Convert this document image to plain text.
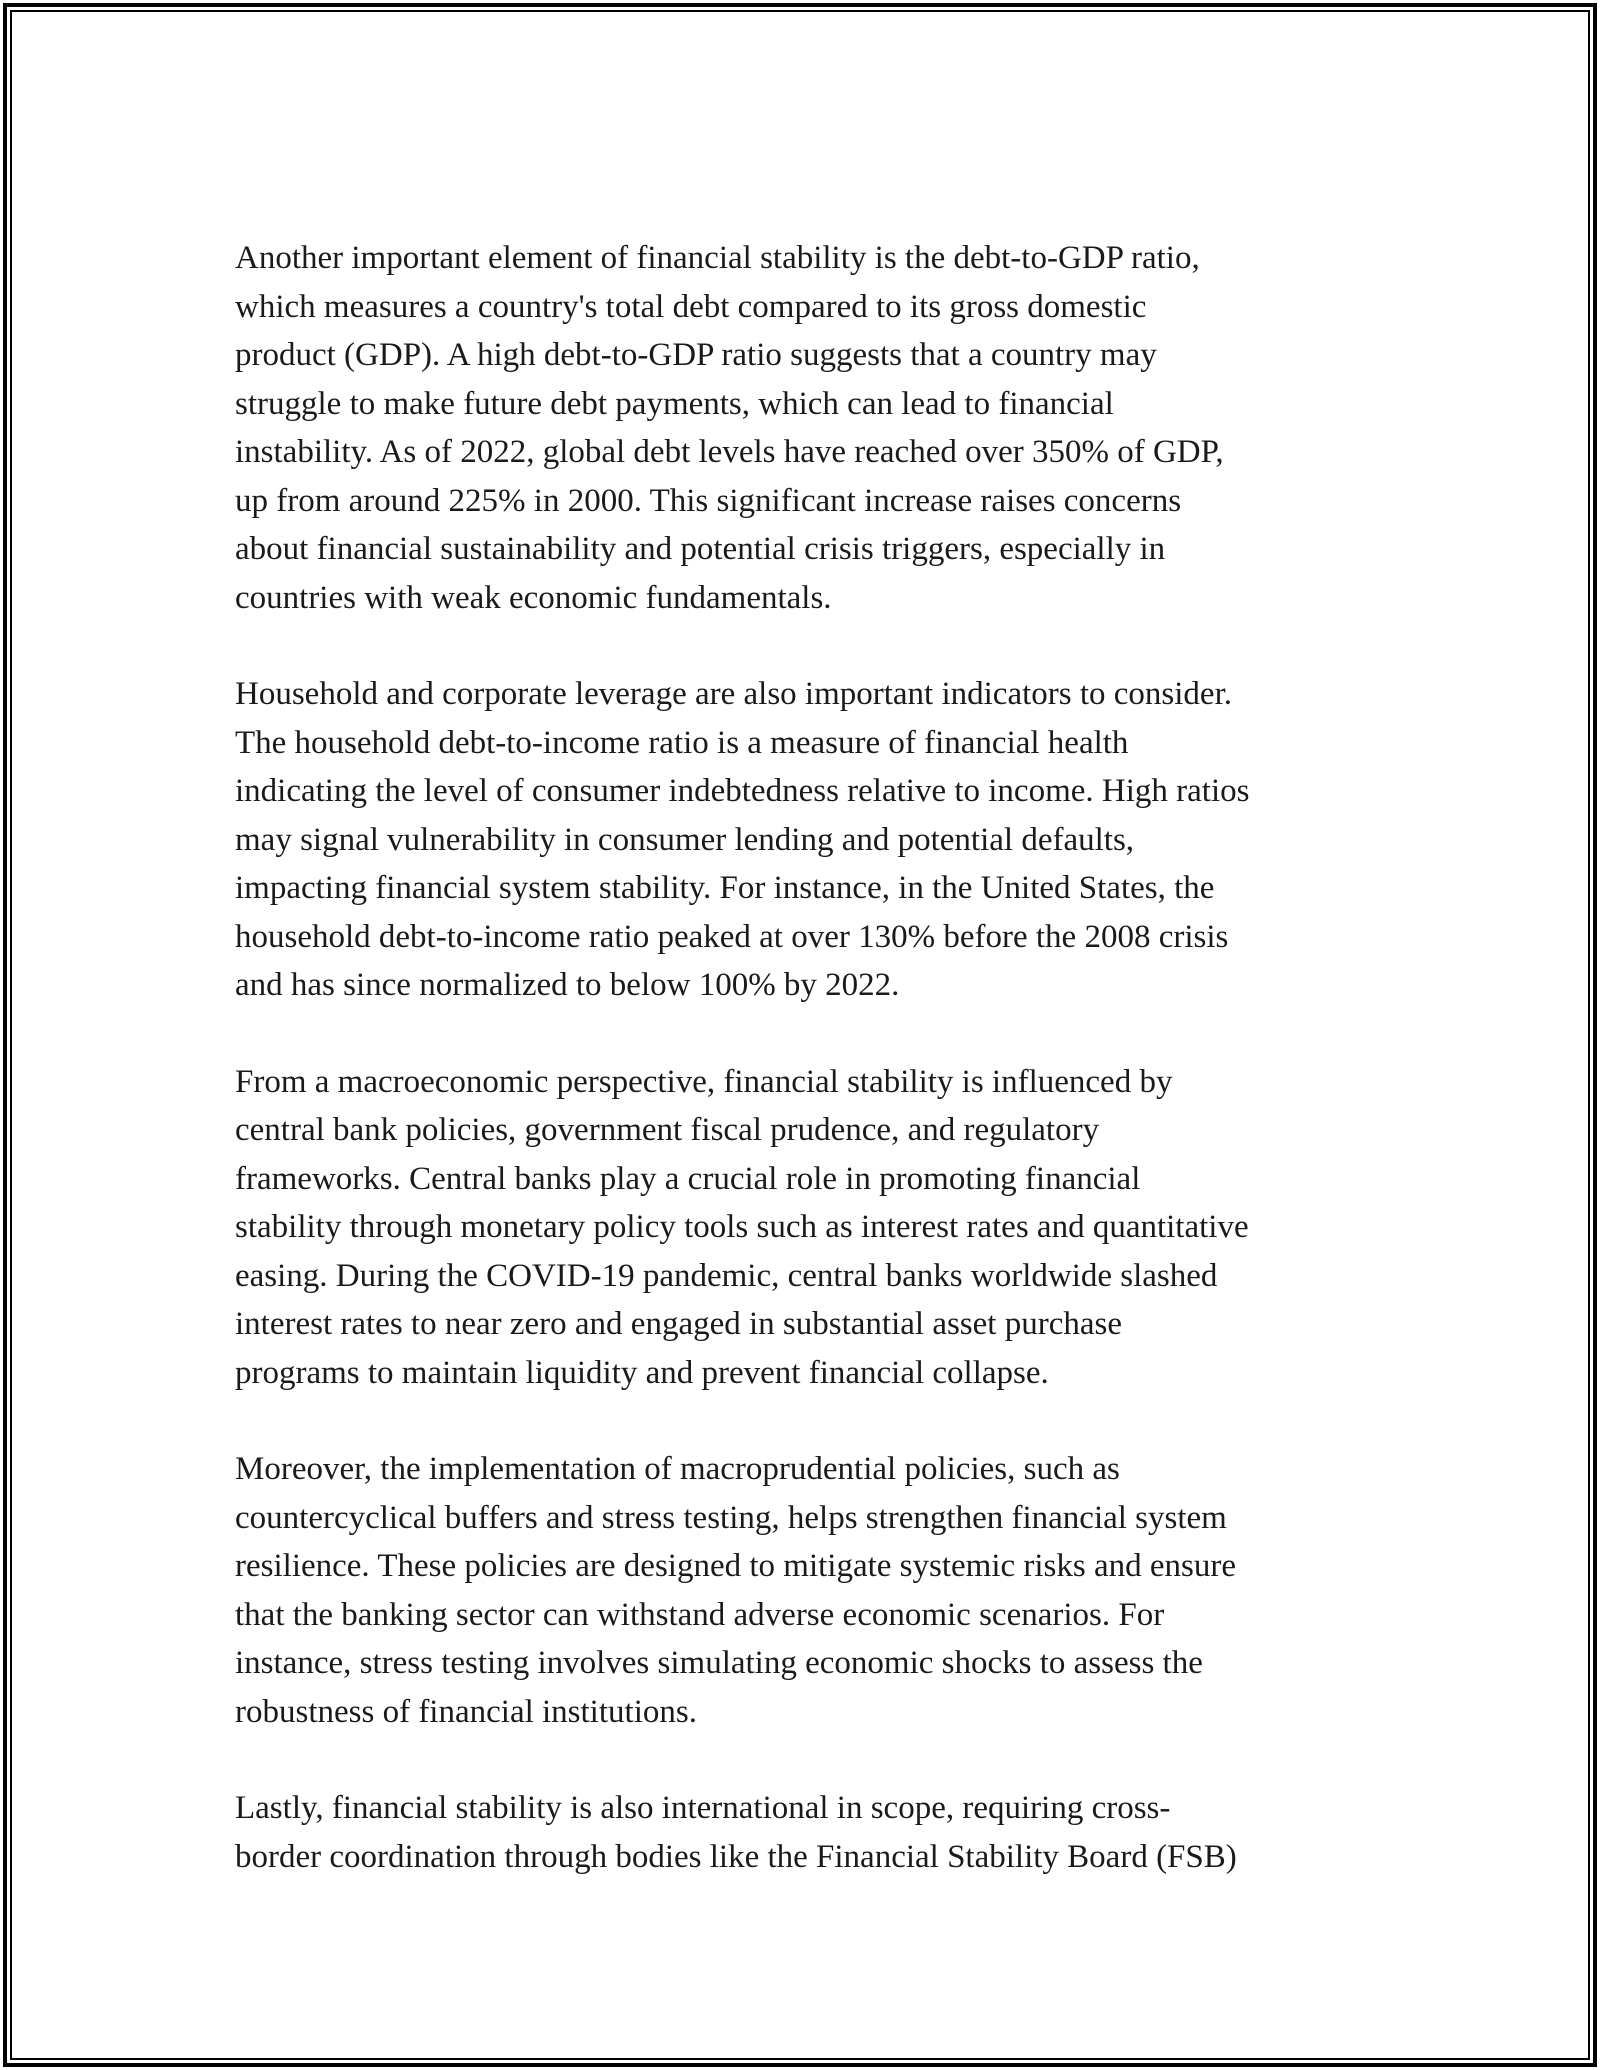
Another important element of financial stability is the debt-to-GDP ratio,
which measures a country's total debt compared to its gross domestic
product (GDP). A high debt-to-GDP ratio suggests that a country may
struggle to make future debt payments, which can lead to financial
instability. As of 2022, global debt levels have reached over 350% of GDP,
up from around 225% in 2000. This significant increase raises concerns
about financial sustainability and potential crisis triggers, especially in
countries with weak economic fundamentals.

Household and corporate leverage are also important indicators to consider.
The household debt-to-income ratio is a measure of financial health
indicating the level of consumer indebtedness relative to income. High ratios
may signal vulnerability in consumer lending and potential defaults,
impacting financial system stability. For instance, in the United States, the
household debt-to-income ratio peaked at over 130% before the 2008 crisis
and has since normalized to below 100% by 2022.

From a macroeconomic perspective, financial stability is influenced by
central bank policies, government fiscal prudence, and regulatory
frameworks. Central banks play a crucial role in promoting financial
stability through monetary policy tools such as interest rates and quantitative
easing. During the COVID-19 pandemic, central banks worldwide slashed
interest rates to near zero and engaged in substantial asset purchase
programs to maintain liquidity and prevent financial collapse.

Moreover, the implementation of macroprudential policies, such as
countercyclical buffers and stress testing, helps strengthen financial system
resilience. These policies are designed to mitigate systemic risks and ensure
that the banking sector can withstand adverse economic scenarios. For
instance, stress testing involves simulating economic shocks to assess the
robustness of financial institutions.

Lastly, financial stability is also international in scope, requiring cross-
border coordination through bodies like the Financial Stability Board (FSB)
